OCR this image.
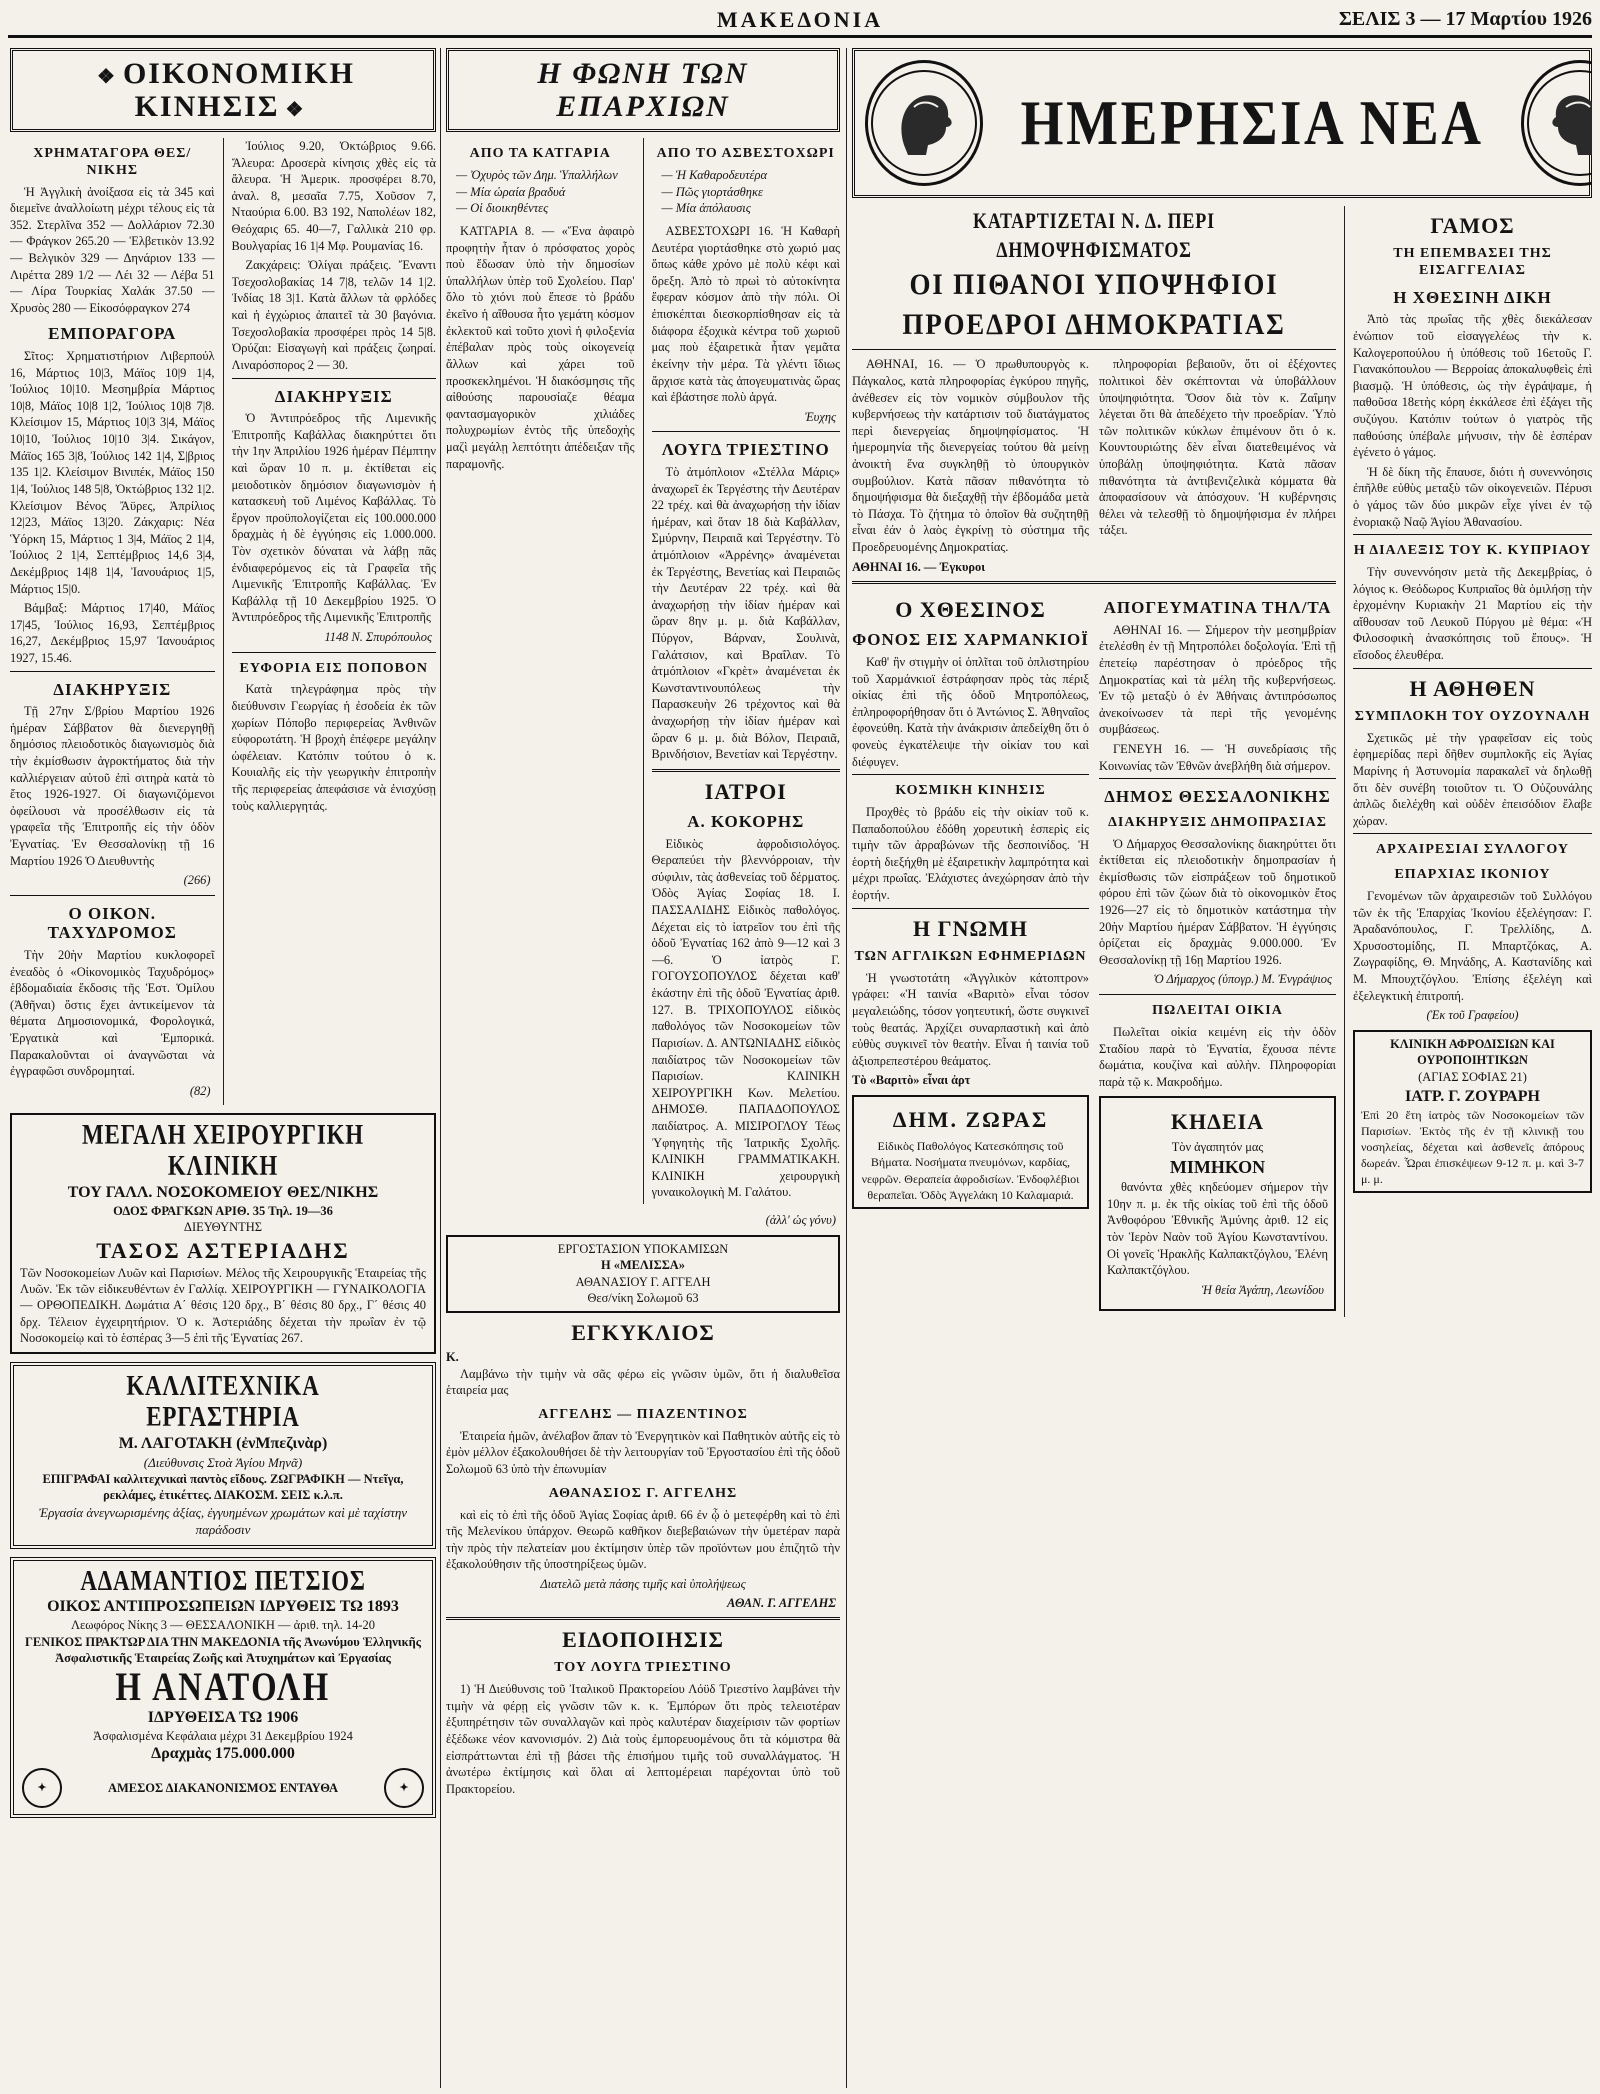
ΜΑΚΕΔΟΝΙΑ	ΣΕΛΙΣ 3 — 17 Μαρτίου 1926
❖ ΟΙΚΟΝΟΜΙΚΗ ΚΙΝΗΣΙΣ ❖
ΧΡΗΜΑΤΑΓΟΡΑ ΘΕΣ/ΝΙΚΗΣ

Ἡ Ἀγγλικὴ ἀνοίξασα εἰς τὰ 345 καὶ διεμεῖνε ἀναλλοίωτη μέχρι τέλους εἰς τὰ 352. Στερλῖνα 352 — Δολλάριον 72.30 — Φράγκον 265.20 — Ἑλβετικὸν 13.92 — Βελγικὸν 329 — Δηνάριον 133 — Λιρέττα 289 1/2 — Λέι 32 — Λέβα 51 — Λίρα Τουρκίας Χαλάκ 37.50 — Χρυσὸς 280 — Εἰκοσόφραγκον 274

ΕΜΠΟΡΑΓΟΡΑ

Σῖτος: Χρηματιστήριον Λιβερπούλ 16, Μάρτιος 10|3, Μάϊος 10|9 1|4, Ἰούλιος 10|10. Μεσημβρία Μάρτιος 10|8, Μάϊος 10|8 1|2, Ἰούλιος 10|8 7|8. Κλείσιμον 15, Μάρτιος 10|3 3|4, Μάϊος 10|10, Ἰούλιος 10|10 3|4. Σικάγον, Μάϊος 165 3|8, Ἰούλιος 142 1|4, Σ|βριος 135 1|2. Κλείσιμον Βινιπέκ, Μάϊος 150 1|4, Ἰούλιος 148 5|8, Ὀκτώβριος 132 1|2. Κλείσιμον Βένος Ἄϋρες, Ἀπρίλιος 12|23, Μάϊος 13|20. Ζάκχαρις: Νέα Ὑόρκη 15, Μάρτιος 1 3|4, Μάϊος 2 1|4, Ἰούλιος 2 1|4, Σεπτέμβριος 14,6 3|4, Δεκέμβριος 14|8 1|4, Ἰανουάριος 1|5, Μάρτιος 15|0.

Βάμβαξ: Μάρτιος 17|40, Μάϊος 17|45, Ἰούλιος 16,93, Σεπτέμβριος 16,27, Δεκέμβριος 15,97 Ἰανουάριος 1927, 15.46.

ΔΙΑΚΗΡΥΞΙΣ

Τῇ 27ην Σ/βρίου Μαρτίου 1926 ἡμέραν Σάββατον θὰ διενεργηθῇ δημόσιος πλειοδοτικὸς διαγωνισμὸς διὰ τὴν ἐκμίσθωσιν ἀγροκτήματος διὰ τὴν καλλιέργειαν αὐτοῦ ἐπὶ σιτηρὰ κατὰ τὸ ἔτος 1926-1927. Οἱ διαγωνιζόμενοι ὀφείλουσι νὰ προσέλθωσιν εἰς τὰ γραφεῖα τῆς Ἐπιτροπῆς εἰς τὴν ὁδὸν Ἐγνατίας. Ἐν Θεσσαλονίκῃ τῇ 16 Μαρτίου 1926 Ὁ Διευθυντὴς

(266)
Ο ΟΙΚΟΝ. ΤΑΧΥΔΡΟΜΟΣ

Τὴν 20ὴν Μαρτίου κυκλοφορεῖ ἐνεαδὸς ὁ «Οἰκονομικὸς Ταχυδρόμος» ἑβδομαδιαία ἔκδοσις τῆς Ἑστ. Ὁμίλου (Ἀθῆναι) ὅστις ἔχει ἀντικείμενον τὰ θέματα Δημοσιονομικά, Φορολογικά, Ἐργατικὰ καὶ Ἐμπορικά. Παρακαλοῦνται οἱ ἀναγνῶσται νὰ ἐγγραφῶσι συνδρομηταί.

(82)

Ἰούλιος 9.20, Ὀκτώβριος 9.66. Ἄλευρα: Δροσερὰ κίνησις χθὲς εἰς τὰ ἄλευρα. Ἡ Ἀμερικ. προσφέρει 8.70, ἀναλ. 8, μεσαῖα 7.75, Χοῦσον 7, Νταούρια 6.00. Β3 192, Ναπολέων 182, Θεόχαρις 65. 40—7, Γαλλικὰ 210 φρ. Βουλγαρίας 16 1|4 Μφ. Ρουμανίας 16.

Ζακχάρεις: Ὀλίγαι πράξεις. Ἔναντι Τσεχοσλοβακίας 14 7|8, τελῶν 14 1|2. Ἰνδίας 18 3|1. Κατὰ ἄλλων τὰ φρλόδες καὶ ἡ ἐγχώριος ἀπαιτεῖ τὰ 30 βαγόνια. Τσεχοσλοβακία προσφέρει πρὸς 14 5|8. Ὀρύζαι: Εἰσαγωγὴ καὶ πράξεις ζωηραί. Λιναρόσπορος 2 — 30.

ΔΙΑΚΗΡΥΞΙΣ

Ὁ Ἀντιπρόεδρος τῆς Λιμενικῆς Ἐπιτροπῆς Καβάλλας διακηρύττει ὅτι τὴν 1ην Ἀπριλίου 1926 ἡμέραν Πέμπτην καὶ ὥραν 10 π. μ. ἐκτίθεται εἰς μειοδοτικὸν δημόσιον διαγωνισμὸν ἡ κατασκευὴ τοῦ Λιμένος Καβάλλας. Τὸ ἔργον προϋπολογίζεται εἰς 100.000.000 δραχμὰς ἡ δὲ ἐγγύησις εἰς 1.000.000. Τὸν σχετικὸν δύναται νὰ λάβῃ πᾶς ἐνδιαφερόμενος εἰς τὰ Γραφεῖα τῆς Λιμενικῆς Ἐπιτροπῆς Καβάλλας. Ἐν Καβάλλᾳ τῇ 10 Δεκεμβρίου 1925. Ὁ Ἀντιπρόεδρος τῆς Λιμενικῆς Ἐπιτροπῆς

1148 Ν. Σπυρόπουλος
ΕΥΦΟΡΙΑ ΕΙΣ ΠΟΠΟΒΟΝ

Κατὰ τηλεγράφημα πρὸς τὴν διεύθυνσιν Γεωργίας ἡ ἐσοδεία ἐκ τῶν χωρίων Πόποβο περιφερείας Ἀνθινῶν εὐφορωτάτη. Ἡ βροχὴ ἐπέφερε μεγάλην ὠφέλειαν. Κατόπιν τούτου ὁ κ. Κουιαλῆς εἰς τὴν γεωργικὴν ἐπιτροπὴν τῆς περιφερείας ἀπεφάσισε νὰ ἐνισχύσῃ τοὺς καλλιεργητάς.

ΜΕΓΑΛΗ ΧΕΙΡΟΥΡΓΙΚΗ ΚΛΙΝΙΚΗ
ΤΟΥ ΓΑΛΛ. ΝΟΣΟΚΟΜΕΙΟΥ ΘΕΣ/ΝΙΚΗΣ
ΟΔΟΣ ΦΡΑΓΚΩΝ ΑΡΙΘ. 35 Τηλ. 19—36
ΔΙΕΥΘΥΝΤΗΣ
ΤΑΣΟΣ ΑΣΤΕΡΙΑΔΗΣ
Τῶν Νοσοκομείων Λυῶν καὶ Παρισίων. Μέλος τῆς Χειρουργικῆς Ἑταιρείας τῆς Λυῶν. Ἐκ τῶν εἰδικευθέντων ἐν Γαλλίᾳ. ΧΕΙΡΟΥΡΓΙΚΗ — ΓΥΝΑΙΚΟΛΟΓΙΑ — ΟΡΘΟΠΕΔΙΚΗ. Δωμάτια Α΄ θέσις 120 δρχ., Β΄ θέσις 80 δρχ., Γ΄ θέσις 40 δρχ. Τέλειον ἐγχειρητήριον. Ὁ κ. Ἀστεριάδης δέχεται τὴν πρωΐαν ἐν τῷ Νοσοκομείῳ καὶ τὸ ἑσπέρας 3—5 ἐπὶ τῆς Ἐγνατίας 267.
ΚΑΛΛΙΤΕΧΝΙΚΑ ΕΡΓΑΣΤΗΡΙΑ
Μ. ΛΑΓΟΤΑΚΗ (ἐνΜπεζινὰρ)
(Διεύθυνσις Στοὰ Ἁγίου Μηνᾶ)
ΕΠΙΓΡΑΦΑΙ καλλιτεχνικαὶ παντὸς εἴδους. ΖΩΓΡΑΦΙΚΗ — Ντεῖγα, ρεκλάμες, ἐτικέττες. ΔΙΑΚΟΣΜ. ΣΕΙΣ κ.λ.π.
Ἐργασία ἀνεγνωρισμένης ἀξίας, ἐγγυημένων χρωμάτων καὶ μὲ ταχίστην παράδοσιν
ΑΔΑΜΑΝΤΙΟΣ ΠΕΤΣΙΟΣ
ΟΙΚΟΣ ΑΝΤΙΠΡΟΣΩΠΕΙΩΝ ΙΔΡΥΘΕΙΣ ΤΩ 1893
Λεωφόρος Νίκης 3 — ΘΕΣΣΑΛΟΝΙΚΗ — ἀριθ. τηλ. 14-20
ΓΕΝΙΚΟΣ ΠΡΑΚΤΩΡ ΔΙΑ ΤΗΝ ΜΑΚΕΔΟΝΙΑ τῆς Ἀνωνύμου Ἑλληνικῆς Ἀσφαλιστικῆς Ἑταιρείας Ζωῆς καὶ Ἀτυχημάτων καὶ Ἐργασίας
Η ΑΝΑΤΟΛΗ
ΙΔΡΥΘΕΙΣΑ ΤΩ 1906
Ἀσφαλισμένα Κεφάλαια μέχρι 31 Δεκεμβρίου 1924
Δραχμὰς 175.000.000
✦	ΑΜΕΣΟΣ ΔΙΑΚΑΝΟΝΙΣΜΟΣ ΕΝΤΑΥΘΑ	✦
Η ΦΩΝΗ ΤΩΝ ΕΠΑΡΧΙΩΝ
ΑΠΟ ΤΑ ΚΑΤΓΑΡΙΑ
— Ὀχυρὸς τῶν Δημ. Ὑπαλλήλων
— Μία ὡραία βραδυά
— Οἱ διοικηθέντες

ΚΑΤΓΑΡΙΑ 8. — «Ἕνα ἀφαιρὸ προφητὴν ἦταν ὁ πρόσφατος χορὸς ποὺ ἔδωσαν ὑπὸ τὴν δημοσίων ὑπαλλήλων ὑπὲρ τοῦ Σχολείου. Παρ' ὅλο τὸ χιόνι ποὺ ἔπεσε τὸ βράδυ ἐκεῖνο ἡ αἴθουσα ἦτο γεμάτη κόσμον ἐκλεκτοῦ καὶ τοῦτο χιονὶ ἡ φιλοξενία ἐπέβαλαν πρὸς τοὺς οἰκογενείᾳ ἄλλων καὶ χάρει τοῦ προσκεκλημένοι. Ἡ διακόσμησις τῆς αἰθούσης παρουσίαζε θέαμα φαντασμαγορικὸν χιλιάδες πολυχρωμίων ἐντὸς τῆς ὑπεδοχὴς μαζὶ μεγάλῃ λεπτότητι ἀπέδειξαν τῆς παραμονῆς.

ΑΠΟ ΤΟ ΑΣΒΕΣΤΟΧΩΡΙ
— Ἡ Καθαροδευτέρα
— Πῶς γιορτάσθηκε
— Μία ἀπόλαυσις

ΑΣΒΕΣΤΟΧΩΡΙ 16. Ἡ Καθαρὴ Δευτέρα γιορτάσθηκε στὸ χωριό μας ὅπως κάθε χρόνο μὲ πολὺ κέφι καὶ ὄρεξη. Ἀπὸ τὸ πρωὶ τὸ αὐτοκίνητα ἔφεραν κόσμον ἀπὸ τὴν πόλι. Οἱ ἐπισκέπται διεσκορπίσθησαν εἰς τὰ διάφορα ἐξοχικὰ κέντρα τοῦ χωριοῦ μας ποὺ ἐξαιρετικὰ ἦταν γεμᾶτα ἐκείνην τὴν μέρα. Τὰ γλέντι ἴδιως ἄρχισε κατὰ τὰς ἀπογευματινὰς ὥρας καὶ ἐβάστησε πολὺ ἀργά.

Ἐυχης
ΛΟΥΓΔ ΤΡΙΕΣΤΙΝΟ

Τὸ ἀτμόπλοιον «Στέλλα Μάρις» ἀναχωρεῖ ἐκ Τεργέστης τὴν Δευτέραν 22 τρέχ. καὶ θὰ ἀναχωρήσῃ τὴν ἰδίαν ἡμέραν, καὶ ὅταν 18 διὰ Καβάλλαν, Σμύρνην, Πειραιᾶ καὶ Τεργέστην. Τὸ ἀτμόπλοιον «Ἀρρένης» ἀναμένεται ἐκ Τεργέστης, Βενετίας καὶ Πειραιῶς τὴν Δευτέραν 22 τρέχ. καὶ θὰ ἀναχωρήσῃ τὴν ἰδίαν ἡμέραν καὶ ὥραν 8ην μ. μ. διὰ Καβάλλαν, Πύργον, Βάρναν, Σουλινὰ, Γαλάτσιον, καὶ Βραΐλαν. Τὸ ἀτμόπλοιον «Γκρὲτ» ἀναμένεται ἐκ Κωνσταντινουπόλεως τὴν Παρασκευὴν 26 τρέχοντος καὶ θὰ ἀναχωρήσῃ τὴν ἰδίαν ἡμέραν καὶ ὥραν 6 μ. μ. διὰ Βόλον, Πειραιᾶ, Βρινδήσιον, Βενετίαν καὶ Τεργέστην.

ΙΑΤΡΟΙ
Α. ΚΟΚΟΡΗΣ

Εἰδικὸς ἀφροδισιολόγος. Θεραπεύει τὴν βλεννόρροιαν, τὴν σύφιλιν, τὰς ἀσθενείας τοῦ δέρματος. Ὁδὸς Ἁγίας Σοφίας 18. Ι. ΠΑΣΣΑΛΙΔΗΣ Εἰδικὸς παθολόγος. Δέχεται εἰς τὸ ἰατρεῖον του ἐπὶ τῆς ὁδοῦ Ἐγνατίας 162 ἀπὸ 9—12 καὶ 3—6. Ὁ ἰατρὸς Γ. ΓΟΓΟΥΣΟΠΟΥΛΟΣ δέχεται καθ' ἑκάστην ἐπὶ τῆς ὁδοῦ Ἐγνατίας ἀριθ. 127. Β. ΤΡΙΧΟΠΟΥΛΟΣ εἰδικὸς παθολόγος τῶν Νοσοκομείων τῶν Παρισίων. Δ. ΑΝΤΩΝΙΑΔΗΣ εἰδικὸς παιδίατρος τῶν Νοσοκομείων τῶν Παρισίων. ΚΛΙΝΙΚΗ ΧΕΙΡΟΥΡΓΙΚΗ Κων. Μελετίου. ΔΗΜΟΣΘ. ΠΑΠΑΔΟΠΟΥΛΟΣ παιδίατρος. Α. ΜΙΣΙΡΟΓΛΟΥ Τέως Ὑφηγητὴς τῆς Ἰατρικῆς Σχολῆς. ΚΛΙΝΙΚΗ ΓΡΑΜΜΑΤΙΚΑΚΗ. ΚΛΙΝΙΚΗ χειρουργικὴ γυναικολογικὴ Μ. Γαλάτου.

(ἀλλ' ὡς γόνυ)
ΕΡΓΟΣΤΑΣΙΟΝ ΥΠΟΚΑΜΙΣΩΝ
Η «ΜΕΛΙΣΣΑ»
ΑΘΑΝΑΣΙΟΥ Γ. ΑΓΓΕΛΗ
Θεσ/νίκη Σολωμοῦ 63
ΕΓΚΥΚΛΙΟΣ
Κ.

Λαμβάνω τὴν τιμὴν νὰ σᾶς φέρω εἰς γνῶσιν ὑμῶν, ὅτι ἡ διαλυθεῖσα ἑταιρεία μας

ΑΓΓΕΛΗΣ — ΠΙΑΖΕΝΤΙΝΟΣ

Ἐταιρεία ἡμῶν, ἀνέλαβον ἅπαν τὸ Ἐνεργητικὸν καὶ Παθητικὸν αὐτῆς εἰς τὸ ἐμὸν μέλλον ἐξακολουθήσει δὲ τὴν λειτουργίαν τοῦ Ἐργοστασίου ἐπὶ τῆς ὁδοῦ Σολωμοῦ 63 ὑπὸ τὴν ἐπωνυμίαν

ΑΘΑΝΑΣΙΟΣ Γ. ΑΓΓΕΛΗΣ

καὶ εἰς τὸ ἐπὶ τῆς ὁδοῦ Ἁγίας Σοφίας ἀριθ. 66 ἐν ᾧ ὁ μετεφέρθη καὶ τὸ ἐπὶ τῆς Μελενίκου ὑπάρχον. Θεωρῶ καθῆκον διεβεβαιώνων τὴν ὑμετέραν παρὰ τὴν πρὸς τὴν πελατείαν μου ἐκτίμησιν ὑπὲρ τῶν προϊόντων μου ἐπιζητῶ τὴν ἐξακολούθησιν τῆς ὑποστηρίξεως ὑμῶν.

Διατελῶ μετὰ πάσης τιμῆς καὶ ὑπολήψεως
ΑΘΑΝ. Γ. ΑΓΓΕΛΗΣ
ΕΙΔΟΠΟΙΗΣΙΣ
ΤΟΥ ΛΟΥΓΔ ΤΡΙΕΣΤΙΝΟ

1) Ἡ Διεύθυνσις τοῦ Ἰταλικοῦ Πρακτορείου Λόϋδ Τριεστίνο λαμβάνει τὴν τιμὴν νὰ φέρῃ εἰς γνῶσιν τῶν κ. κ. Ἐμπόρων ὅτι πρὸς τελειοτέραν ἐξυπηρέτησιν τῶν συναλλαγῶν καὶ πρὸς καλυτέραν διαχείρισιν τῶν φορτίων ἐξέδωκε νέον κανονισμόν. 2) Διὰ τοὺς ἐμπορευομένους ὅτι τὰ κόμιστρα θὰ εἰσπράττωνται ἐπὶ τῇ βάσει τῆς ἐπισήμου τιμῆς τοῦ συναλλάγματος. Ἡ ἀνωτέρω ἐκτίμησις καὶ ὅλαι αἱ λεπτομέρειαι παρέχονται ὑπὸ τοῦ Πρακτορείου.

ΗΜΕΡΗΣΙΑ ΝΕΑ
ΚΑΤΑΡΤΙΖΕΤΑΙ Ν. Δ. ΠΕΡΙ ΔΗΜΟΨΗΦΙΣΜΑΤΟΣ
ΟΙ ΠΙΘΑΝΟΙ ΥΠΟΨΗΦΙΟΙ ΠΡΟΕΔΡΟΙ ΔΗΜΟΚΡΑΤΙΑΣ

ΑΘΗΝΑΙ, 16. — Ὁ πρωθυπουργὸς κ. Πάγκαλος, κατὰ πληροφορίας ἐγκύρου πηγῆς, ἀνέθεσεν εἰς τὸν νομικὸν σύμβουλον τῆς κυβερνήσεως τὴν κατάρτισιν τοῦ διατάγματος περὶ διενεργείας δημοψηφίσματος. Ἡ ἡμερομηνία τῆς διενεργείας τούτου θὰ μείνῃ ἀνοικτὴ ἕνα συγκληθῇ τὸ ὑπουργικὸν συμβούλιον. Κατὰ πᾶσαν πιθανότητα τὸ δημοψήφισμα θὰ διεξαχθῇ τὴν ἐβδομάδα μετὰ τὸ Πάσχα. Τὸ ζήτημα τὸ ὁποῖον θὰ συζητηθῇ εἶναι ἐάν ὁ λαὸς ἐγκρίνῃ τὸ σύστημα τῆς Προεδρευομένης Δημοκρατίας.

ΑΘΗΝΑΙ 16. — Ἐγκυροι

πληροφορίαι βεβαιοῦν, ὅτι οἱ ἐξέχοντες πολιτικοὶ δὲν σκέπτονται νὰ ὑποβάλλουν ὑποψηφιότητα. Ὅσον διὰ τὸν κ. Ζαΐμην λέγεται ὅτι θὰ ἀπεδέχετο τὴν προεδρίαν. Ὑπὸ τῶν πολιτικῶν κύκλων ἐπιμένουν ὅτι ὁ κ. Κουντουριώτης δὲν εἶναι διατεθειμένος νὰ ὑποβάλῃ ὑποψηφιότητα. Κατὰ πᾶσαν πιθανότητα τὰ ἀντιβενιζελικὰ κόμματα θὰ ἀποφασίσουν νὰ ἀπόσχουν. Ἡ κυβέρνησις θέλει νὰ τελεσθῇ τὸ δημοψήφισμα ἐν πλήρει τάξει.

Ο ΧΘΕΣΙΝΟΣ
ΦΟΝΟΣ ΕΙΣ ΧΑΡΜΑΝΚΙΟΪ

Καθ' ἣν στιγμὴν οἱ ὁπλῖται τοῦ ὁπλιστηρίου τοῦ Χαρμάνκιοϊ ἐστράφησαν πρὸς τὰς πέριξ οἰκίας ἐπὶ τῆς ὁδοῦ Μητροπόλεως, ἐπληροφορήθησαν ὅτι ὁ Ἀντώνιος Σ. Ἀθηναῖος ἐφονεύθη. Κατὰ τὴν ἀνάκρισιν ἀπεδείχθη ὅτι ὁ φονεὺς ἐγκατέλειψε τὴν οἰκίαν του καὶ διέφυγεν.

ΚΟΣΜΙΚΗ ΚΙΝΗΣΙΣ

Προχθὲς τὸ βράδυ εἰς τὴν οἰκίαν τοῦ κ. Παπαδοπούλου ἐδόθη χορευτικὴ ἑσπερὶς εἰς τιμὴν τῶν ἀρραβώνων τῆς δεσποινίδος. Ἡ ἑορτὴ διεξήχθη μὲ ἐξαιρετικὴν λαμπρότητα καὶ μέχρι πρωΐας. Ἐλάχιστες ἀνεχώρησαν ἀπὸ τὴν ἑορτήν.

Η ΓΝΩΜΗ
ΤΩΝ ΑΓΓΛΙΚΩΝ ΕΦΗΜΕΡΙΔΩΝ

Ἡ γνωστοτάτη «Ἀγγλικὸν κάτοπτρον» γράφει: «Ἡ ταινία «Βαριτὸ» εἶναι τόσον μεγαλειώδης, τόσον γοητευτική, ὥστε συγκινεῖ τοὺς θεατάς. Ἀρχίζει συναρπαστικὴ καὶ ἀπὸ εὐθὺς συγκινεῖ τὸν θεατὴν. Εἶναι ἡ ταινία τοῦ ἀξιοπρεπεστέρου θεάματος.

Τὸ «Βαριτὸ» εἶναι ἀρτ
ΔΗΜ. ΖΩΡΑΣ
Εἰδικὸς Παθολόγος Κατεσκόπησις τοῦ Βήματα. Νοσήματα πνευμόνων, καρδίας, νεφρῶν. Θεραπεία ἀφροδισίων. Ἐνδοφλέβιοι θεραπεῖαι. Ὁδὸς Ἀγγελάκη 10 Καλαμαριά.
ΑΠΟΓΕΥΜΑΤΙΝΑ ΤΗΛ/ΤΑ

ΑΘΗΝΑΙ 16. — Σήμερον τὴν μεσημβρίαν ἐτελέσθη ἐν τῇ Μητροπόλει δοξολογία. Ἐπὶ τῇ ἐπετείῳ παρέστησαν ὁ πρόεδρος τῆς Δημοκρατίας καὶ τὰ μέλη τῆς κυβερνήσεως. Ἐν τῷ μεταξὺ ὁ ἐν Ἀθήναις ἀντιπρόσωπος ἀνεκοίνωσεν τὰ περὶ τῆς γενομένης συμβάσεως.

ΓΕΝΕΥΗ 16. — Ἡ συνεδρίασις τῆς Κοινωνίας τῶν Ἐθνῶν ἀνεβλήθη διὰ σήμερον.

ΔΗΜΟΣ ΘΕΣΣΑΛΟΝΙΚΗΣ
ΔΙΑΚΗΡΥΞΙΣ ΔΗΜΟΠΡΑΣΙΑΣ

Ὁ Δήμαρχος Θεσσαλονίκης διακηρύττει ὅτι ἐκτίθεται εἰς πλειοδοτικὴν δημοπρασίαν ἡ ἐκμίσθωσις τῶν εἰσπράξεων τοῦ δημοτικοῦ φόρου ἐπὶ τῶν ζώων διὰ τὸ οἰκονομικὸν ἔτος 1926—27 εἰς τὸ δημοτικὸν κατάστημα τὴν 20ὴν Μαρτίου ἡμέραν Σάββατον. Ἡ ἐγγύησις ὁρίζεται εἰς δραχμὰς 9.000.000. Ἐν Θεσσαλονίκῃ τῇ 16ῃ Μαρτίου 1926.

Ὁ Δήμαρχος (ὑπογρ.) Μ. Ἐνγράψιος
ΠΩΛΕΙΤΑΙ ΟΙΚΙΑ

Πωλεῖται οἰκία κειμένη εἰς τὴν ὁδὸν Σταδίου παρὰ τὸ Ἐγνατία, ἔχουσα πέντε δωμάτια, κουζίνα καὶ αὐλὴν. Πληροφορίαι παρὰ τῷ κ. Μακροδήμω.

ΚΗΔΕΙΑ
Τὸν ἀγαπητόν μας
ΜΙΜΗΚΟΝ

θανόντα χθὲς κηδεύομεν σήμερον τὴν 10ην π. μ. ἐκ τῆς οἰκίας τοῦ ἐπὶ τῆς ὁδοῦ Ἀνθοφόρου Ἐθνικῆς Ἀμύνης ἀριθ. 12 εἰς τὸν Ἱερὸν Ναὸν τοῦ Ἁγίου Κωνσταντίνου. Οἱ γονεῖς Ἡρακλῆς Καλπακτζόγλου, Ἐλένη Καλπακτζόγλου.

Ἡ θεία Ἀγάπη, Λεωνίδου
ΓΑΜΟΣ
ΤΗ ΕΠΕΜΒΑΣΕΙ ΤΗΣ ΕΙΣΑΓΓΕΛΙΑΣ
Η ΧΘΕΣΙΝΗ ΔΙΚΗ

Ἀπὸ τὰς πρωΐας τῆς χθὲς διεκάλεσαν ἐνώπιον τοῦ εἰσαγγελέως τὴν κ. Καλογεροπούλου ἡ ὑπόθεσις τοῦ 16ετοῦς Γ. Γιανακόπουλου — Βερροίας ἀποκαλυφθεὶς ἐπὶ βιασμῷ. Ἡ ὑπόθεσις, ὡς τὴν ἐγράψαμε, ἡ παθοῦσα 18ετὴς κόρη ἐκκάλεσε ἐπὶ ἐξάγει τῆς συζύγου. Κατόπιν τούτων ὁ γιατρὸς τῆς παθούσης ὑπέβαλε μήνυσιν, τὴν δὲ ἑσπέραν ἐγένετο ὁ γάμος.

Ἡ δὲ δίκη τῆς ἔπαυσε, διότι ἡ συνεννόησις ἐπῆλθε εὐθὺς μεταξὺ τῶν οἰκογενειῶν. Πέρυσι ὁ γάμος τῶν δύο μικρῶν εἶχε γίνει ἐν τῷ ἐνοριακῷ Ναῷ Ἁγίου Ἀθανασίου.

Η ΔΙΑΛΕΞΙΣ ΤΟΥ Κ. ΚΥΠΡΙΑΟΥ

Τὴν συνεννόησιν μετὰ τῆς Δεκεμβρίας, ὁ λόγιος κ. Θεόδωρος Κυπριαῖος θὰ ὁμιλήσῃ τὴν ἐρχομένην Κυριακὴν 21 Μαρτίου εἰς τὴν αἴθουσαν τοῦ Λευκοῦ Πύργου μὲ θέμα: «Ἡ Φιλοσοφικὴ ἀνασκόπησις τοῦ ἔπους». Ἡ εἴσοδος ἐλευθέρα.

Η ΑΘΗΘΕΝ
ΣΥΜΠΛΟΚΗ ΤΟΥ ΟΥΖΟΥΝΑΛΗ

Σχετικῶς μὲ τὴν γραφεῖσαν εἰς τοὺς ἐφημερίδας περὶ δῆθεν συμπλοκῆς εἰς Ἁγίας Μαρίνης ἡ Ἀστυνομία παρακαλεῖ νὰ δηλωθῇ ὅτι δὲν συνέβη τοιοῦτον τι. Ὁ Οὐζουνάλης ἀπλῶς διελέχθη καὶ οὐδὲν ἐπεισόδιον ἔλαβε χώραν.

ΑΡΧΑΙΡΕΣΙΑΙ ΣΥΛΛΟΓΟΥ
ΕΠΑΡΧΙΑΣ ΙΚΟΝΙΟΥ

Γενομένων τῶν ἀρχαιρεσιῶν τοῦ Συλλόγου τῶν ἐκ τῆς Ἐπαρχίας Ἰκονίου ἐξελέγησαν: Γ. Ἀραδανόπουλος, Γ. Τρελλίδης, Δ. Χρυσοστομίδης, Π. Μπαρτζόκας, Α. Ζωγραφίδης, Θ. Μηνάδης, Α. Καστανίδης καὶ Μ. Μπουχτζόγλου. Ἐπίσης ἐξελέγη καὶ ἐξελεγκτικὴ ἐπιτροπή.

(Ἐκ τοῦ Γραφείου)
ΚΛΙΝΙΚΗ ΑΦΡΟΔΙΣΙΩΝ ΚΑΙ ΟΥΡΟΠΟΙΗΤΙΚΩΝ
(ΑΓΙΑΣ ΣΟΦΙΑΣ 21)
ΙΑΤΡ. Γ. ΖΟΥΡΑΡΗ
Ἐπὶ 20 ἔτη ἰατρὸς τῶν Νοσοκομείων τῶν Παρισίων. Ἐκτὸς τῆς ἐν τῇ κλινικῇ του νοσηλείας, δέχεται καὶ ἀσθενεῖς ἀπόρους δωρεάν. Ὧραι ἐπισκέψεων 9-12 π. μ. καὶ 3-7 μ. μ.
